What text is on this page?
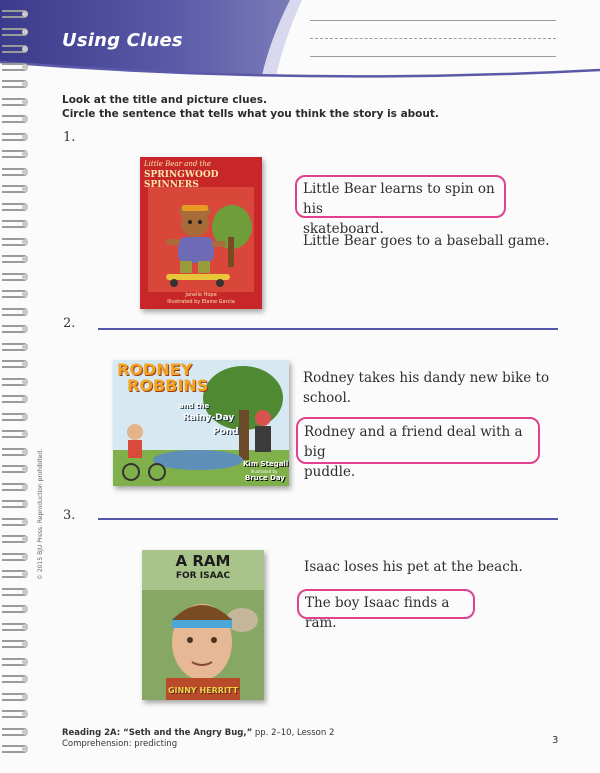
Using Clues
Look at the title and picture clues.
Circle the sentence that tells what you think the story is about.
1.
Little Bear and the
SPRINGWOOD SPINNERS
Janelle Hope
Illustrated by Elaine Garcia
Little Bear learns to spin on his
skateboard.
Little Bear goes to a baseball game.
2.
RODNEY
ROBBINS
and the
Rainy-Day
Pond
Kim Stegall
Illustrated by
Bruce Day
Rodney takes his dandy new bike to
school.
Rodney and a friend deal with a big
puddle.
3.
A RAM
FOR ISAAC
GINNY HERRITT
Isaac loses his pet at the beach.
The boy Isaac finds a ram.
© 2015 BJU Press. Reproduction prohibited.
Reading 2A: “Seth and the Angry Bug,” pp. 2–10, Lesson 2
Comprehension: predicting	3
